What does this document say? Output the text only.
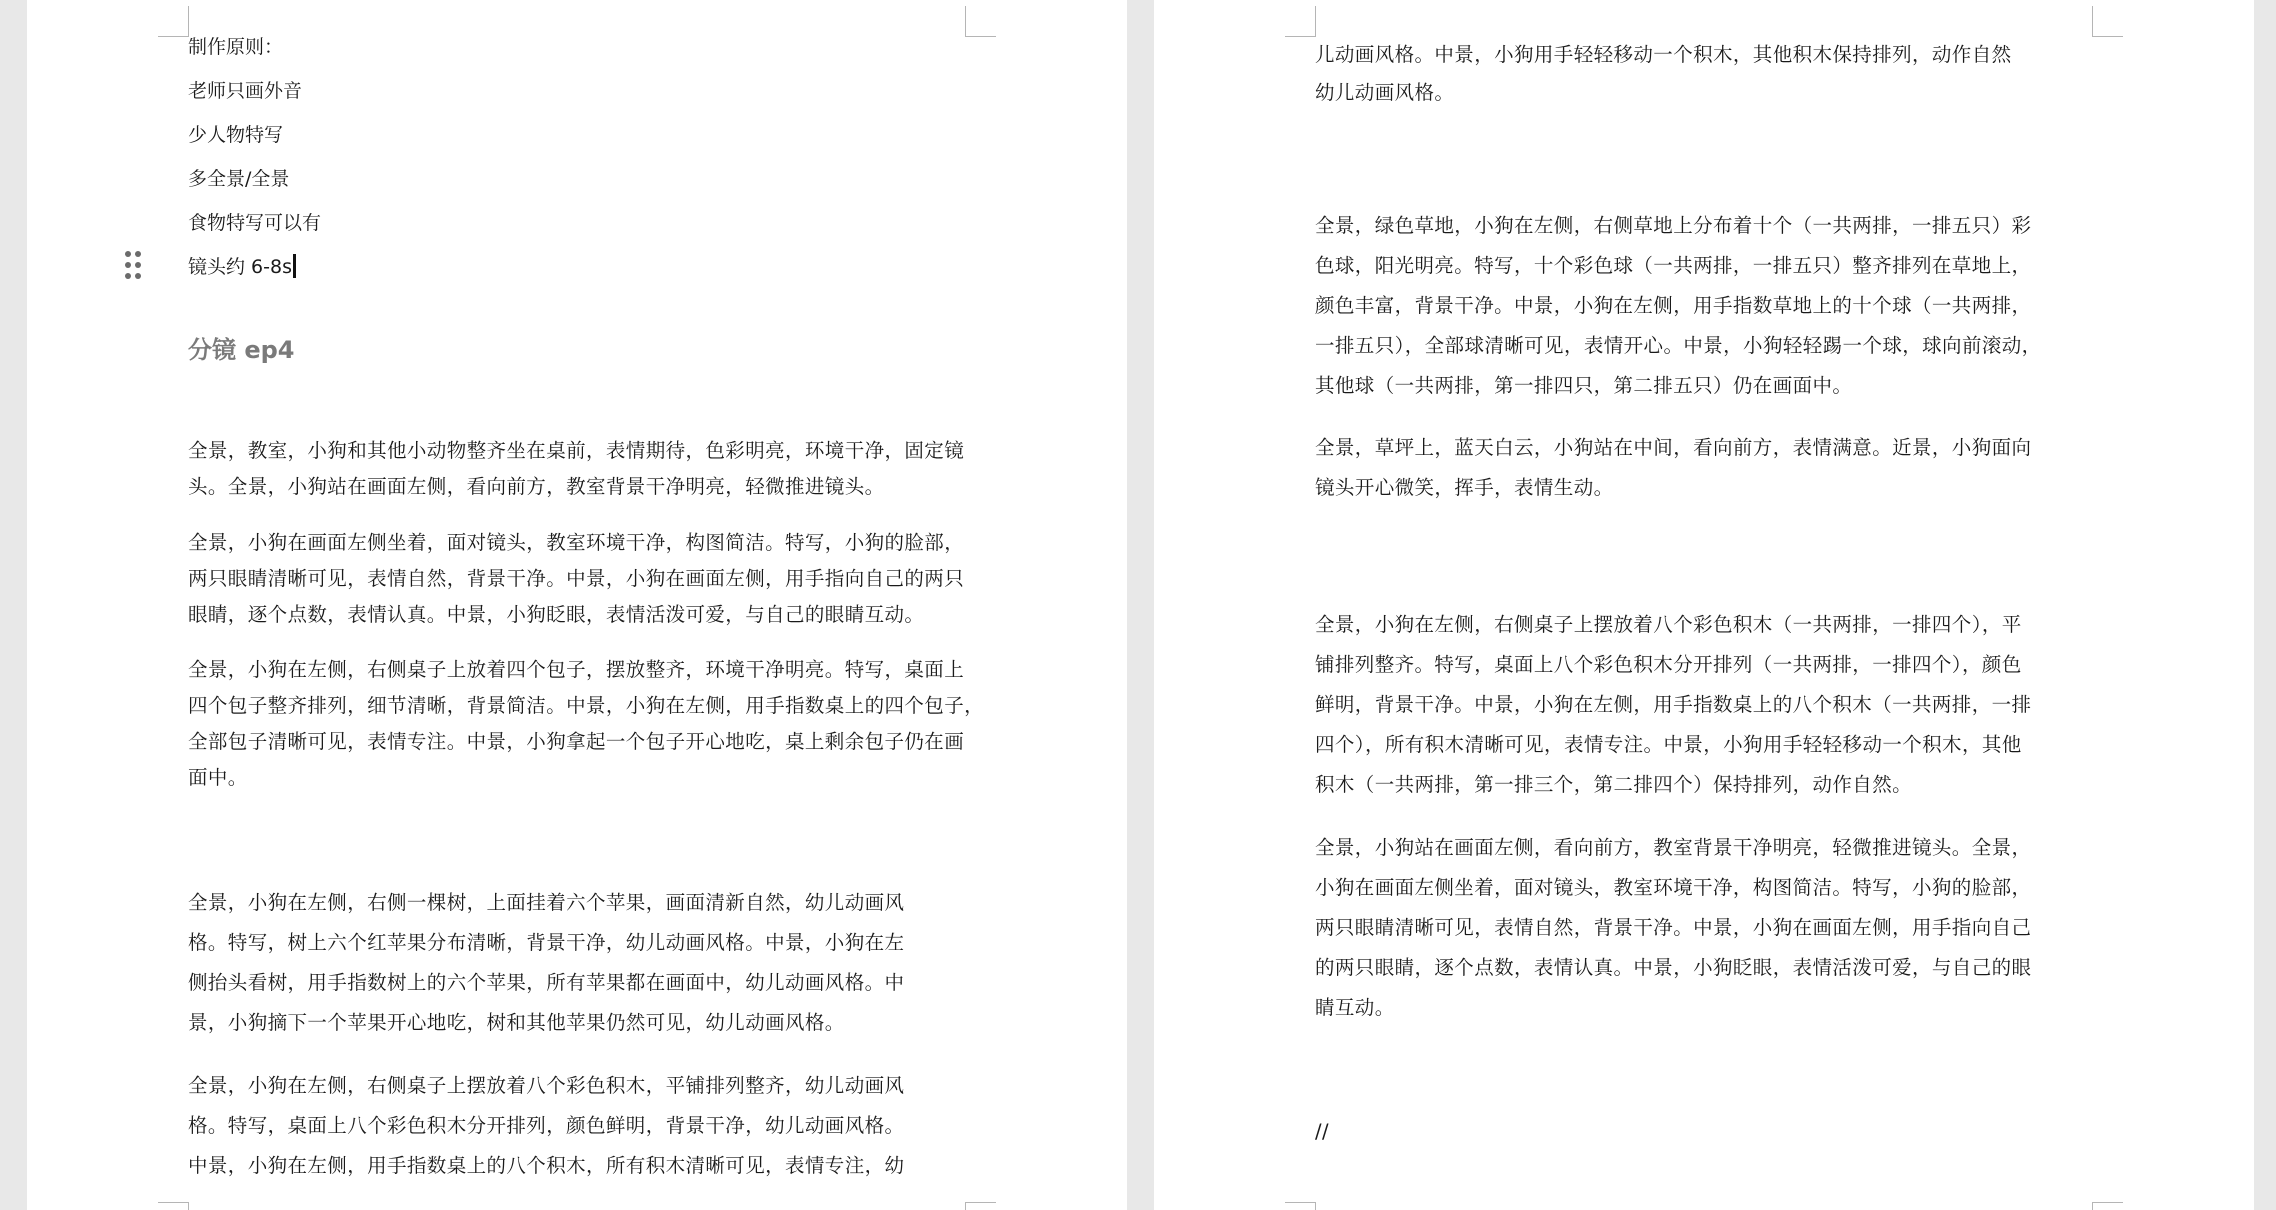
制作原则：

老师只画外音

少人物特写

多全景/全景

食物特写可以有

镜头约 6-8s

分镜 ep4

全景，教室，小狗和其他小动物整齐坐在桌前，表情期待，色彩明亮，环境干净，固定镜
头。全景，小狗站在画面左侧，看向前方，教室背景干净明亮，轻微推进镜头。

全景，小狗在画面左侧坐着，面对镜头，教室环境干净，构图简洁。特写，小狗的脸部，
两只眼睛清晰可见，表情自然，背景干净。中景，小狗在画面左侧，用手指向自己的两只
眼睛，逐个点数，表情认真。中景，小狗眨眼，表情活泼可爱，与自己的眼睛互动。

全景，小狗在左侧，右侧桌子上放着四个包子，摆放整齐，环境干净明亮。特写，桌面上
四个包子整齐排列，细节清晰，背景简洁。中景，小狗在左侧，用手指数桌上的四个包子，
全部包子清晰可见，表情专注。中景，小狗拿起一个包子开心地吃，桌上剩余包子仍在画
面中。

全景，小狗在左侧，右侧一棵树，上面挂着六个苹果，画面清新自然，幼儿动画风
格。特写，树上六个红苹果分布清晰，背景干净，幼儿动画风格。中景，小狗在左
侧抬头看树，用手指数树上的六个苹果，所有苹果都在画面中，幼儿动画风格。中
景，小狗摘下一个苹果开心地吃，树和其他苹果仍然可见，幼儿动画风格。

全景，小狗在左侧，右侧桌子上摆放着八个彩色积木，平铺排列整齐，幼儿动画风
格。特写，桌面上八个彩色积木分开排列，颜色鲜明，背景干净，幼儿动画风格。
中景，小狗在左侧，用手指数桌上的八个积木，所有积木清晰可见，表情专注，幼

儿动画风格。中景，小狗用手轻轻移动一个积木，其他积木保持排列，动作自然
幼儿动画风格。

全景，绿色草地，小狗在左侧，右侧草地上分布着十个（一共两排，一排五只）彩
色球，阳光明亮。特写，十个彩色球（一共两排，一排五只）整齐排列在草地上，
颜色丰富，背景干净。中景，小狗在左侧，用手指数草地上的十个球（一共两排，
一排五只），全部球清晰可见，表情开心。中景，小狗轻轻踢一个球，球向前滚动，
其他球（一共两排，第一排四只，第二排五只）仍在画面中。

全景，草坪上，蓝天白云，小狗站在中间，看向前方，表情满意。近景，小狗面向
镜头开心微笑，挥手，表情生动。

全景，小狗在左侧，右侧桌子上摆放着八个彩色积木（一共两排，一排四个），平
铺排列整齐。特写，桌面上八个彩色积木分开排列（一共两排，一排四个），颜色
鲜明，背景干净。中景，小狗在左侧，用手指数桌上的八个积木（一共两排，一排
四个），所有积木清晰可见，表情专注。中景，小狗用手轻轻移动一个积木，其他
积木（一共两排，第一排三个，第二排四个）保持排列，动作自然。

全景，小狗站在画面左侧，看向前方，教室背景干净明亮，轻微推进镜头。全景，
小狗在画面左侧坐着，面对镜头，教室环境干净，构图简洁。特写，小狗的脸部，
两只眼睛清晰可见，表情自然，背景干净。中景，小狗在画面左侧，用手指向自己
的两只眼睛，逐个点数，表情认真。中景，小狗眨眼，表情活泼可爱，与自己的眼
睛互动。

//
